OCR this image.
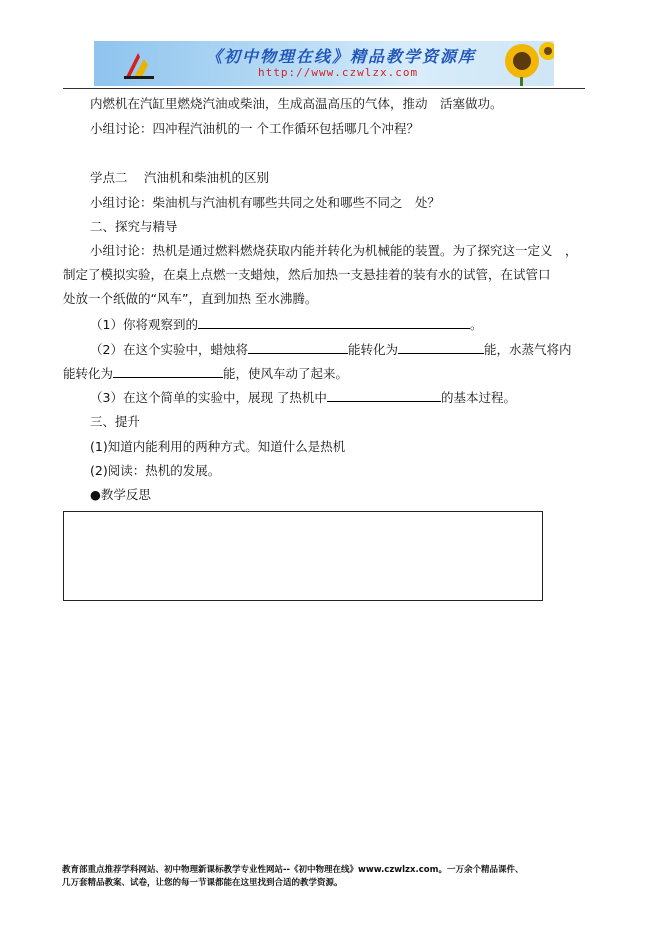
《初中物理在线》精品教学资源库
http://www.czwlzx.com
内燃机在汽缸里燃烧汽油或柴油，生成高温高压的气体，推动　活塞做功。
小组讨论：四冲程汽油机的一 个工作循环包括哪几个冲程？
学点二　 汽油机和柴油机的区别
小组讨论：柴油机与汽油机有哪些共同之处和哪些不同之　处？
二、探究与精导
小组讨论：热机是通过燃料燃烧获取内能并转化为机械能的装置。为了探究这一定义　，
制定了模拟实验，在桌上点燃一支蜡烛，然后加热一支悬挂着的装有水的试管，在试管口
处放一个纸做的“风车”，直到加热 至水沸腾。
（1）你将观察到的	。
（2）在这个实验中，蜡烛将	能转化为	能，水蒸气将内
能转化为	能，使风车动了起来。
（3）在这个简单的实验中，展现 了热机中	的基本过程。
三、提升
(1)知道内能利用的两种方式。知道什么是热机
(2)阅读：热机的发展。
●教学反思
教育部重点推荐学科网站、初中物理新课标教学专业性网站--《初中物理在线》www.czwlzx.com。一万余个精品课件、
几万套精品教案、试卷，让您的每一节课都能在这里找到合适的教学资源。
